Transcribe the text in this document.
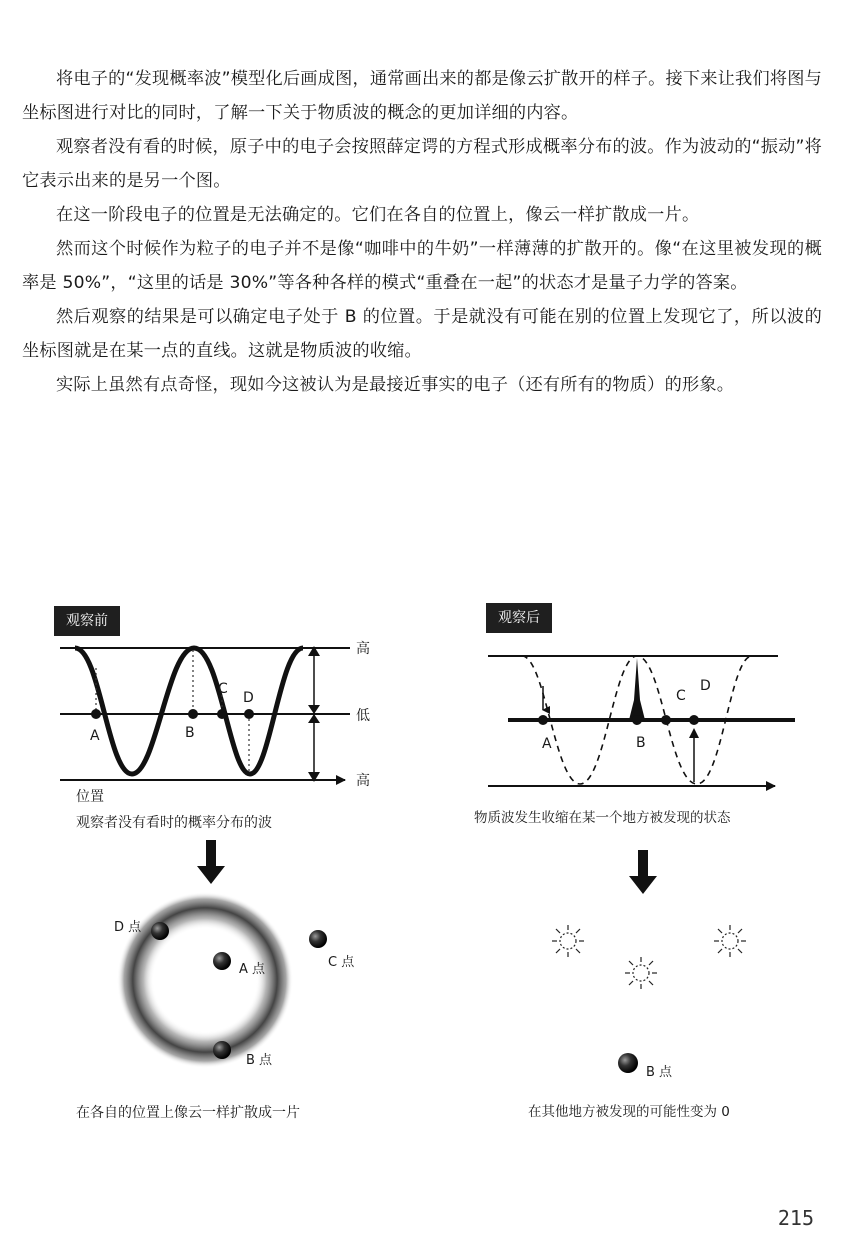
将电子的“发现概率波”模型化后画成图，通常画出来的都是像云扩散开的样子。接下来让我们将图与坐标图进行对比的同时，了解一下关于物质波的概念的更加详细的内容。

观察者没有看的时候，原子中的电子会按照薛定谔的方程式形成概率分布的波。作为波动的“振动”将它表示出来的是另一个图。

在这一阶段电子的位置是无法确定的。它们在各自的位置上，像云一样扩散成一片。

然而这个时候作为粒子的电子并不是像“咖啡中的牛奶”一样薄薄的扩散开的。像“在这里被发现的概率是 50%”，“这里的话是 30%”等各种各样的模式“重叠在一起”的状态才是量子力学的答案。

然后观察的结果是可以确定电子处于 B 的位置。于是就没有可能在别的位置上发现它了，所以波的坐标图就是在某一点的直线。这就是物质波的收缩。

实际上虽然有点奇怪，现如今这被认为是最接近事实的电子（还有所有的物质）的形象。

观察前	观察后
高
低
高
位置
A	B
C
D
观察者没有看时的概率分布的波
A	B
C
D
物质波发生收缩在某一个地方被发现的状态
D 点
A 点	C 点
B 点
在各自的位置上像云一样扩散成一片
B 点
在其他地方被发现的可能性变为 0
215
